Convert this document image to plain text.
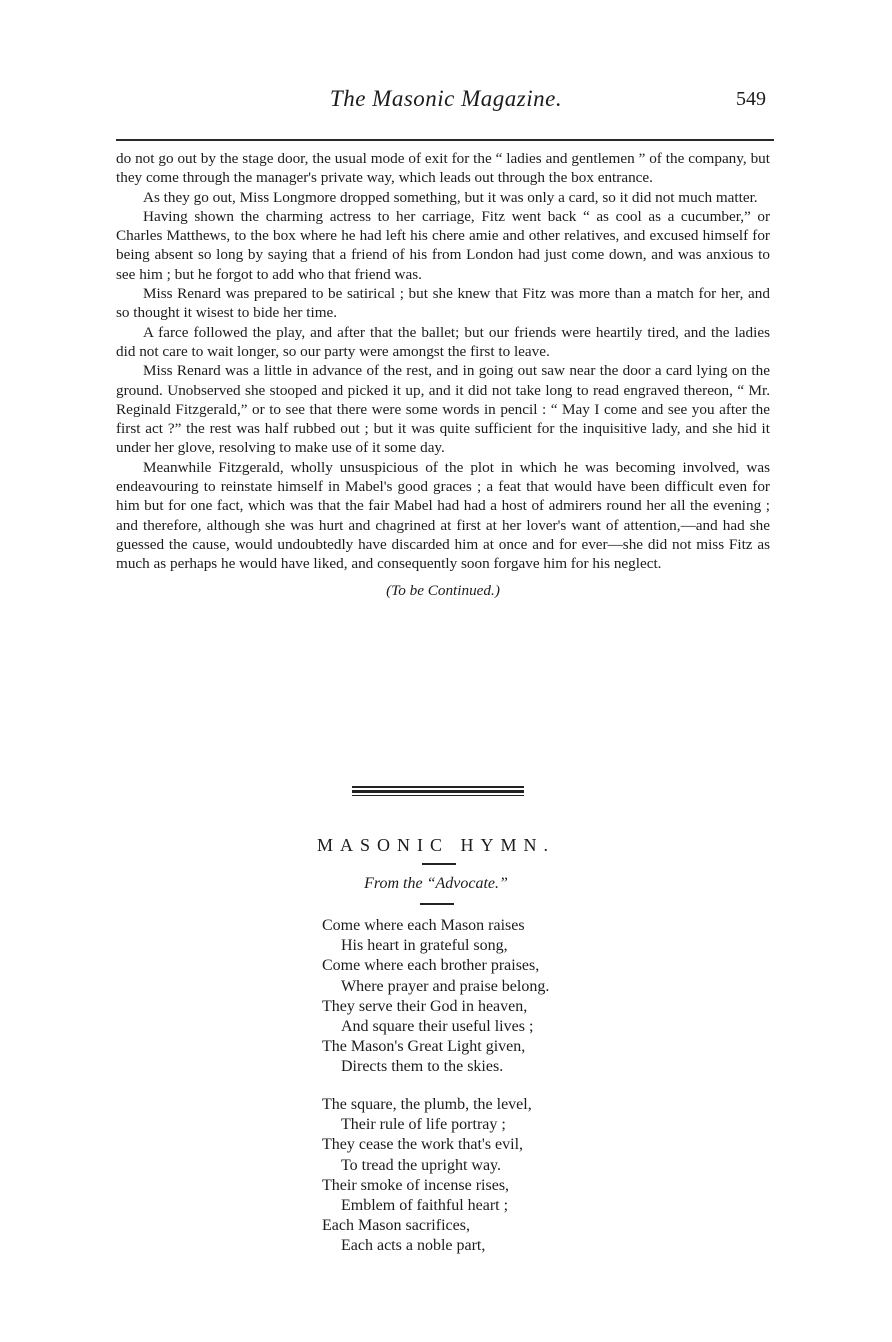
The Masonic Magazine.	549

do not go out by the stage door, the usual mode of exit for the “ ladies and gentlemen ” of the company, but they come through the manager's private way, which leads out through the box entrance.

As they go out, Miss Longmore dropped something, but it was only a card, so it did not much matter.

Having shown the charming actress to her carriage, Fitz went back “ as cool as a cucumber,” or Charles Matthews, to the box where he had left his chere amie and other relatives, and excused himself for being absent so long by saying that a friend of his from London had just come down, and was anxious to see him ; but he forgot to add who that friend was.

Miss Renard was prepared to be satirical ; but she knew that Fitz was more than a match for her, and so thought it wisest to bide her time.

A farce followed the play, and after that the ballet; but our friends were heartily tired, and the ladies did not care to wait longer, so our party were amongst the first to leave.

Miss Renard was a little in advance of the rest, and in going out saw near the door a card lying on the ground. Unobserved she stooped and picked it up, and it did not take long to read engraved thereon, “ Mr. Reginald Fitzgerald,” or to see that there were some words in pencil : “ May I come and see you after the first act ?” the rest was half rubbed out ; but it was quite sufficient for the inquisitive lady, and she hid it under her glove, resolving to make use of it some day.

Meanwhile Fitzgerald, wholly unsuspicious of the plot in which he was becoming involved, was endeavouring to reinstate himself in Mabel's good graces ; a feat that would have been difficult even for him but for one fact, which was that the fair Mabel had had a host of admirers round her all the evening ; and therefore, although she was hurt and chagrined at first at her lover's want of attention,—and had she guessed the cause, would undoubtedly have discarded him at once and for ever—she did not miss Fitz as much as perhaps he would have liked, and consequently soon forgave him for his neglect.

(To be Continued.)

MASONIC HYMN.
From the “Advocate.”
Come where each Mason raises
His heart in grateful song,
Come where each brother praises,
Where prayer and praise belong.
They serve their God in heaven,
And square their useful lives ;
The Mason's Great Light given,
Directs them to the skies.
The square, the plumb, the level,
Their rule of life portray ;
They cease the work that's evil,
To tread the upright way.
Their smoke of incense rises,
Emblem of faithful heart ;
Each Mason sacrifices,
Each acts a noble part,
